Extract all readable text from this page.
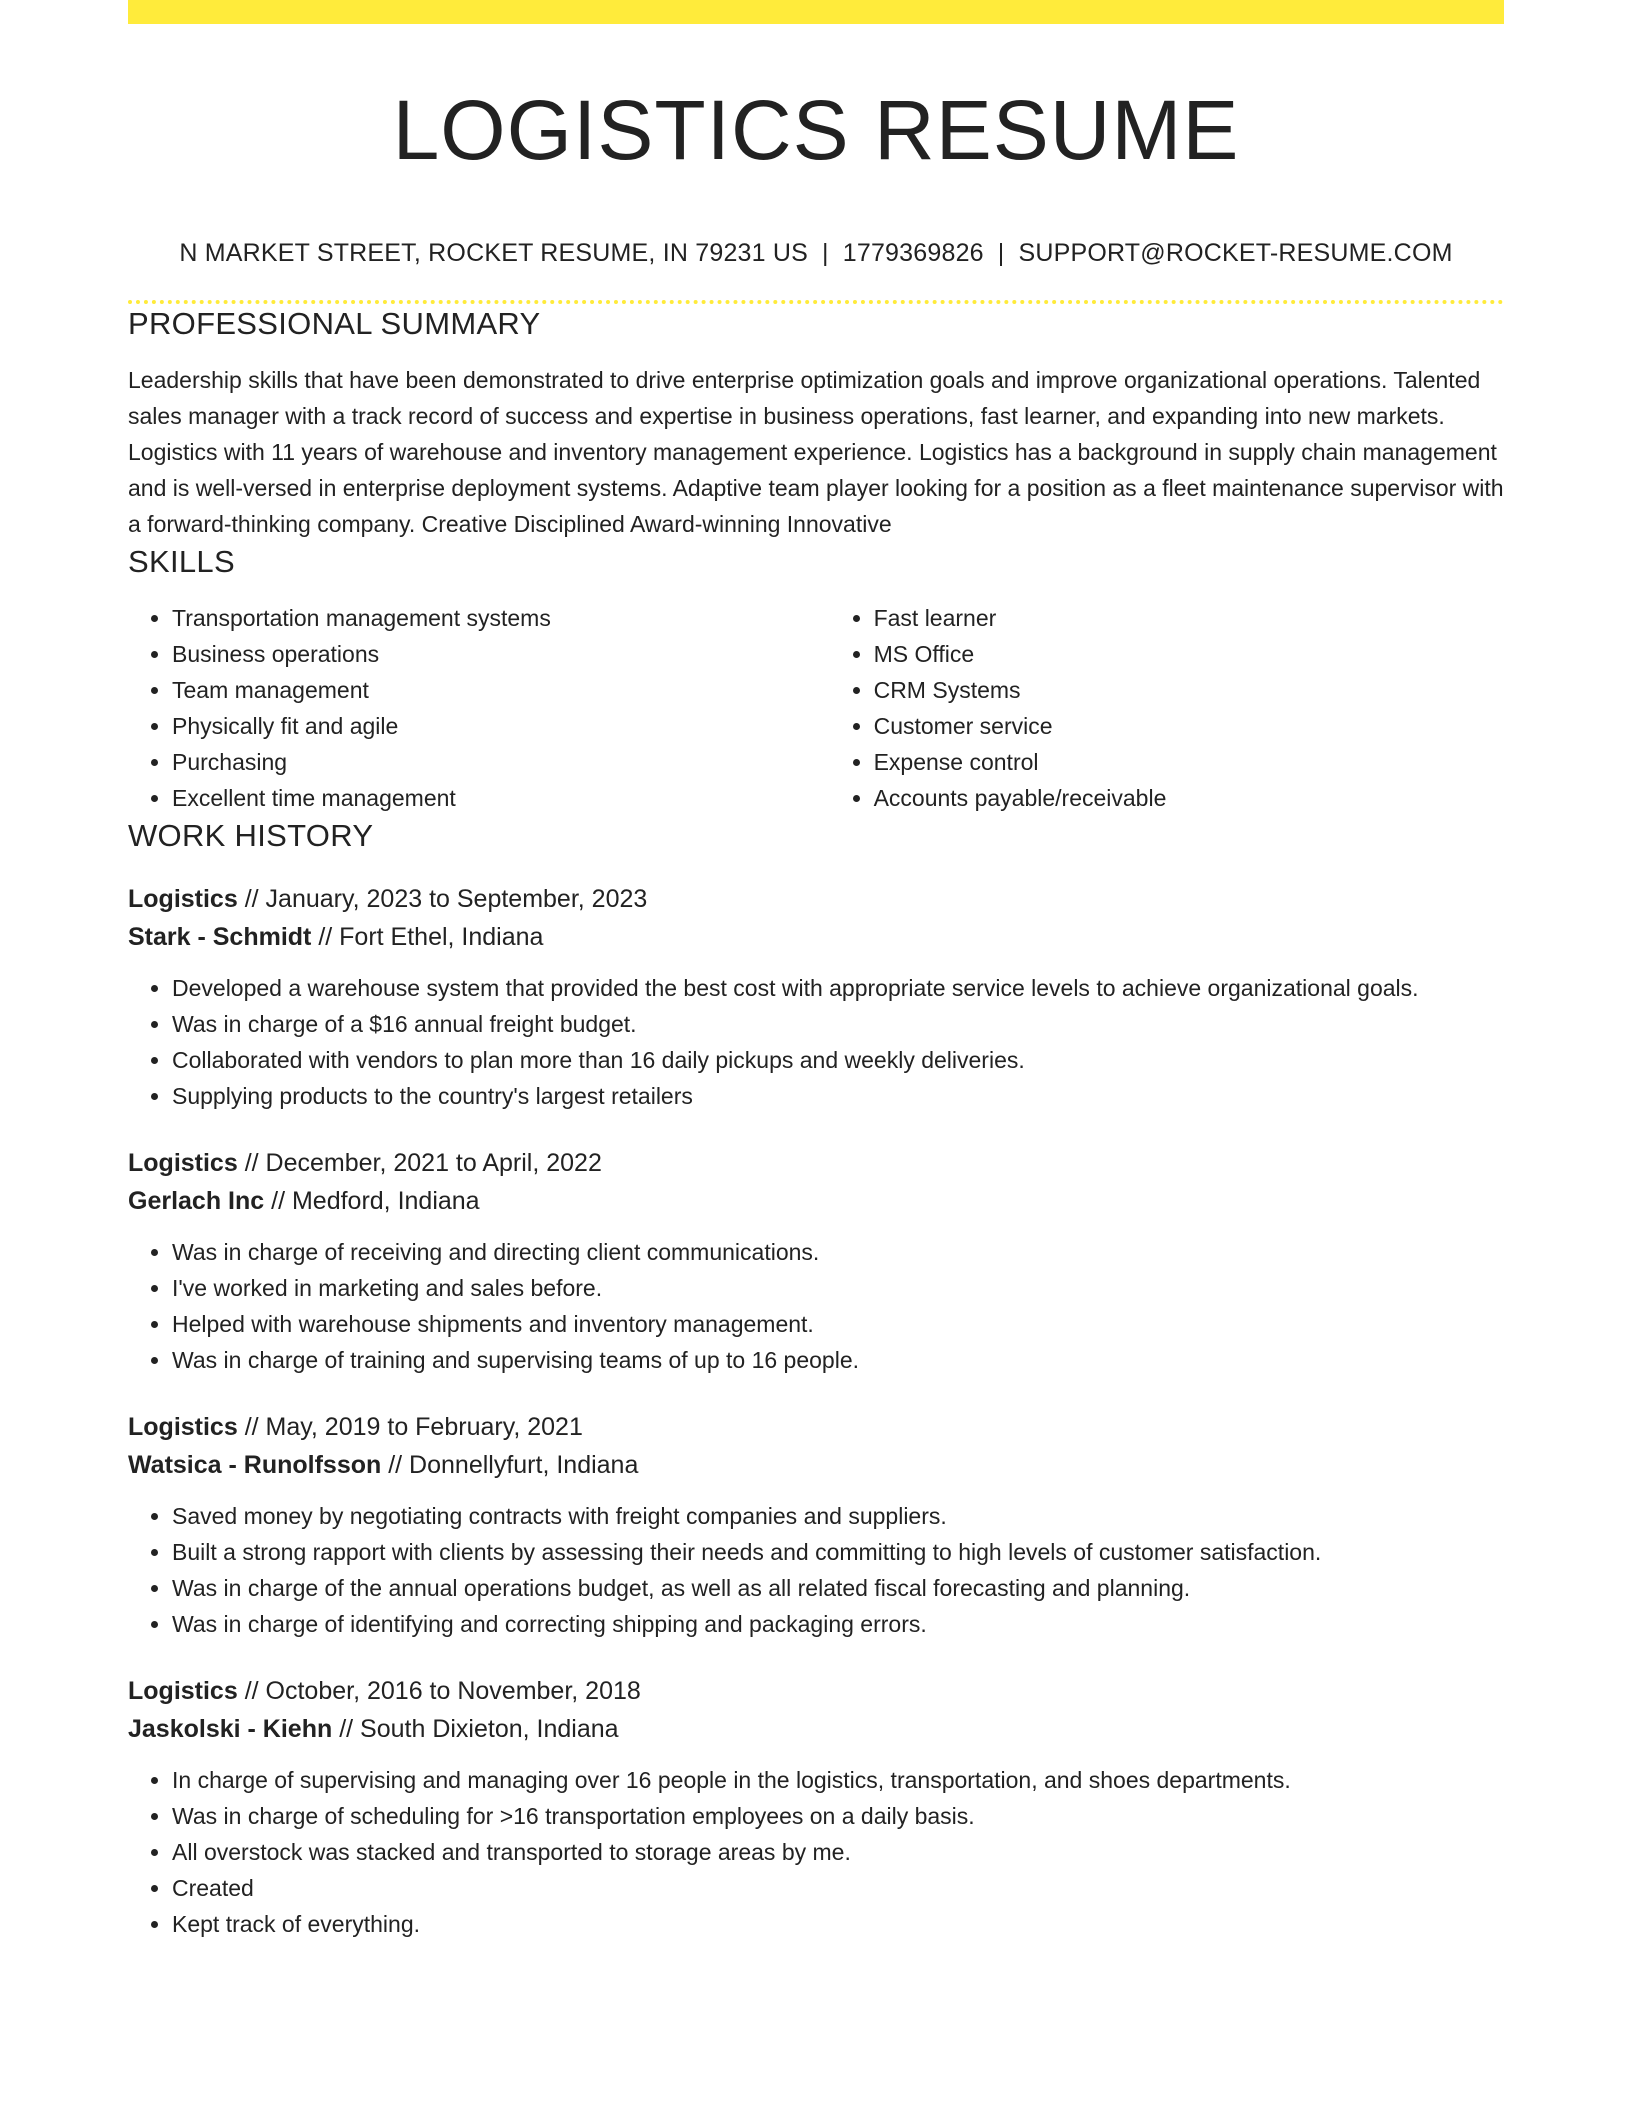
LOGISTICS RESUME
N MARKET STREET, ROCKET RESUME, IN 79231 US | 1779369826 | SUPPORT@ROCKET-RESUME.COM
PROFESSIONAL SUMMARY

Leadership skills that have been demonstrated to drive enterprise optimization goals and improve organizational operations. Talented sales manager with a track record of success and expertise in business operations, fast learner, and expanding into new markets. Logistics with 11 years of warehouse and inventory management experience. Logistics has a background in supply chain management and is well-versed in enterprise deployment systems. Adaptive team player looking for a position as a fleet maintenance supervisor with a forward-thinking company. Creative Disciplined Award-winning Innovative

SKILLS
• Transportation management systems
• Business operations
• Team management
• Physically fit and agile
• Purchasing
• Excellent time management
• Fast learner
• MS Office
• CRM Systems
• Customer service
• Expense control
• Accounts payable/receivable
WORK HISTORY
Logistics // January, 2023 to September, 2023
Stark - Schmidt // Fort Ethel, Indiana
• Developed a warehouse system that provided the best cost with appropriate service levels to achieve organizational goals.
• Was in charge of a $16 annual freight budget.
• Collaborated with vendors to plan more than 16 daily pickups and weekly deliveries.
• Supplying products to the country's largest retailers
Logistics // December, 2021 to April, 2022
Gerlach Inc // Medford, Indiana
• Was in charge of receiving and directing client communications.
• I've worked in marketing and sales before.
• Helped with warehouse shipments and inventory management.
• Was in charge of training and supervising teams of up to 16 people.
Logistics // May, 2019 to February, 2021
Watsica - Runolfsson // Donnellyfurt, Indiana
• Saved money by negotiating contracts with freight companies and suppliers.
• Built a strong rapport with clients by assessing their needs and committing to high levels of customer satisfaction.
• Was in charge of the annual operations budget, as well as all related fiscal forecasting and planning.
• Was in charge of identifying and correcting shipping and packaging errors.
Logistics // October, 2016 to November, 2018
Jaskolski - Kiehn // South Dixieton, Indiana
• In charge of supervising and managing over 16 people in the logistics, transportation, and shoes departments.
• Was in charge of scheduling for >16 transportation employees on a daily basis.
• All overstock was stacked and transported to storage areas by me.
• Created
• Kept track of everything.
